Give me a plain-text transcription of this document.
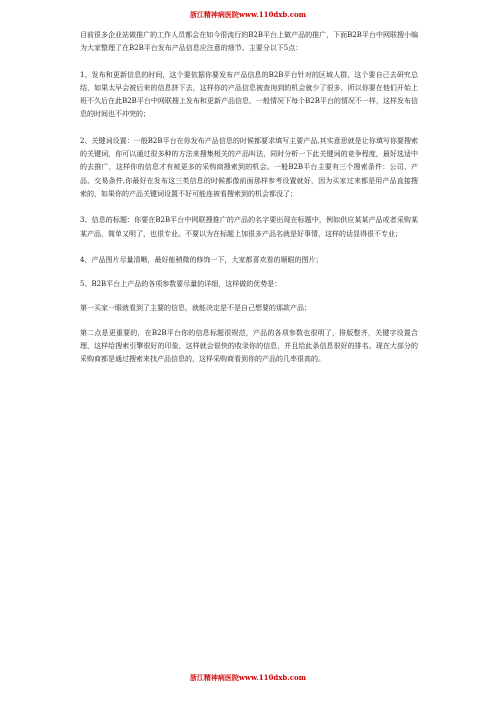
浙江精神病医院www.110dxb.com

目前很多企业站做推广的工作人员都会在如今很流行的B2B平台上做产品的推广，下面B2B平台中网联搜小编为大家整理了在B2B平台发布产品信息应注意的细节。主要分以下5点：

1、发布和更新信息的时间，这个要依据你要发布产品信息的B2B平台针对的区域人群，这个要自己去研究总结，如果太早会被后来的信息挤下去，这样你的产品信息被查询到的机会就少了很多，所以你要在他们开始上班不久后在此B2B平台中网联搜上发布和更新产品信息，一般情况下每个B2B平台的情况不一样，这样发布信息的时间也不冲突的；

2、关键词设置：一般B2B平台在你发布产品信息的时候都要求填写主要产品,其实意思就是让你填写你要搜索的关键词，你可以通过很多种的方法来搜集相关的产品叫法，同时分析一下此关键词的竞争程度，最好选适中的去推广，这样你的信息才有被更多的采购商搜索到的机会。一般B2B平台主要有三个搜索条件：公司、产品、交易条件,你最好在发布这三类信息的时候都像前面那样参考设置就好，因为买家过来都是用产品直接搜索的，如果你的产品关键词设置不好可能连被看搜索到的机会都没了；

3、信息的标题：你要在B2B平台中网联搜推广的产品的名字要出现在标题中，例如供应某某产品或者采购某某产品，简单又明了，也很专业。不要以为在标题上加很多产品名就是好事情，这样的话显得很不专业；

4、产品图片尽量清晰，最好能稍微的修饰一下，大家都喜欢看的顺眼的图片；

5、B2B平台上产品的各项参数要尽量的详细，这样做的优势是：

第一买家一眼就看到了主要的信息，就能决定是不是自己想要的那款产品；

第二点是更重要的，在B2B平台你的信息标题很规范，产品的各项参数也很明了，排版整齐，关键字设置合理，这样给搜索引擎很好的印象，这样就会很快的收录你的信息，并且给此条信息很好的排名。现在大部分的采购商都是通过搜索来找产品信息的，这样采购商看到你的产品的几率很高的。

浙江精神病医院www.110dxb.com
